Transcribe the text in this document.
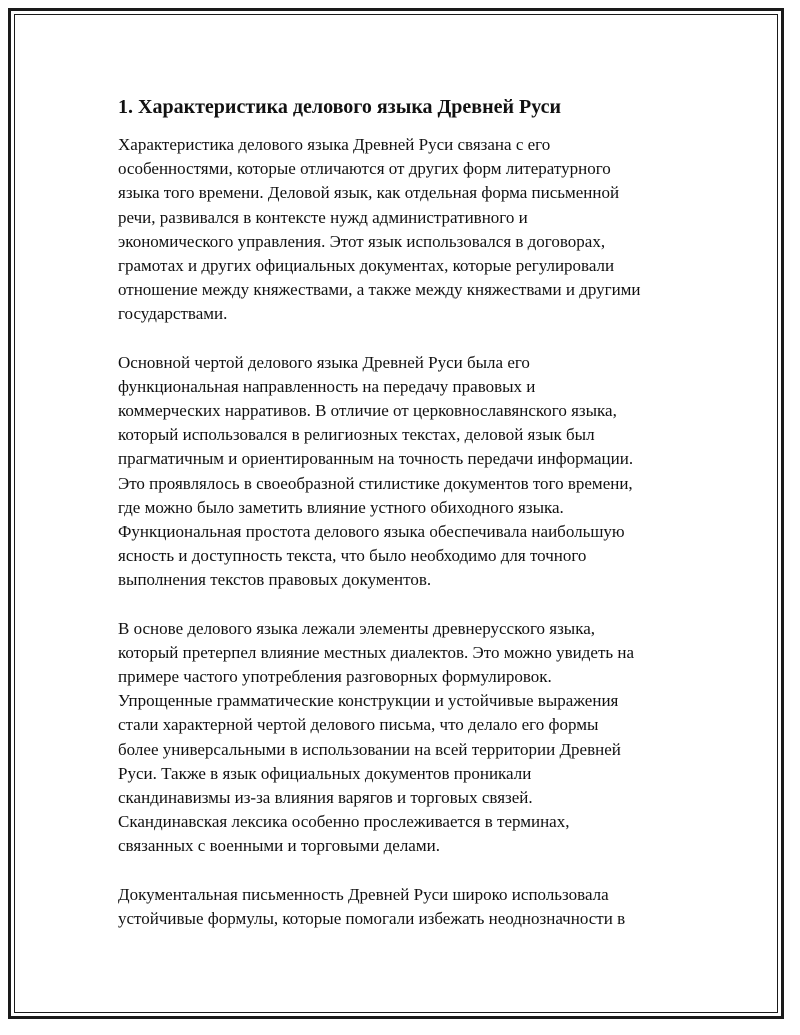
1. Характеристика делового языка Древней Руси

Характеристика делового языка Древней Руси связана с его
особенностями, которые отличаются от других форм литературного
языка того времени. Деловой язык, как отдельная форма письменной
речи, развивался в контексте нужд административного и
экономического управления. Этот язык использовался в договорах,
грамотах и других официальных документах, которые регулировали
отношение между княжествами, а также между княжествами и другими
государствами.

Основной чертой делового языка Древней Руси была его
функциональная направленность на передачу правовых и
коммерческих нарративов. В отличие от церковнославянского языка,
который использовался в религиозных текстах, деловой язык был
прагматичным и ориентированным на точность передачи информации.
Это проявлялось в своеобразной стилистике документов того времени,
где можно было заметить влияние устного обиходного языка.
Функциональная простота делового языка обеспечивала наибольшую
ясность и доступность текста, что было необходимо для точного
выполнения текстов правовых документов.

В основе делового языка лежали элементы древнерусского языка,
который претерпел влияние местных диалектов. Это можно увидеть на
примере частого употребления разговорных формулировок.
Упрощенные грамматические конструкции и устойчивые выражения
стали характерной чертой делового письма, что делало его формы
более универсальными в использовании на всей территории Древней
Руси. Также в язык официальных документов проникали
скандинавизмы из-за влияния варягов и торговых связей.
Скандинавская лексика особенно прослеживается в терминах,
связанных с военными и торговыми делами.

Документальная письменность Древней Руси широко использовала
устойчивые формулы, которые помогали избежать неоднозначности в
